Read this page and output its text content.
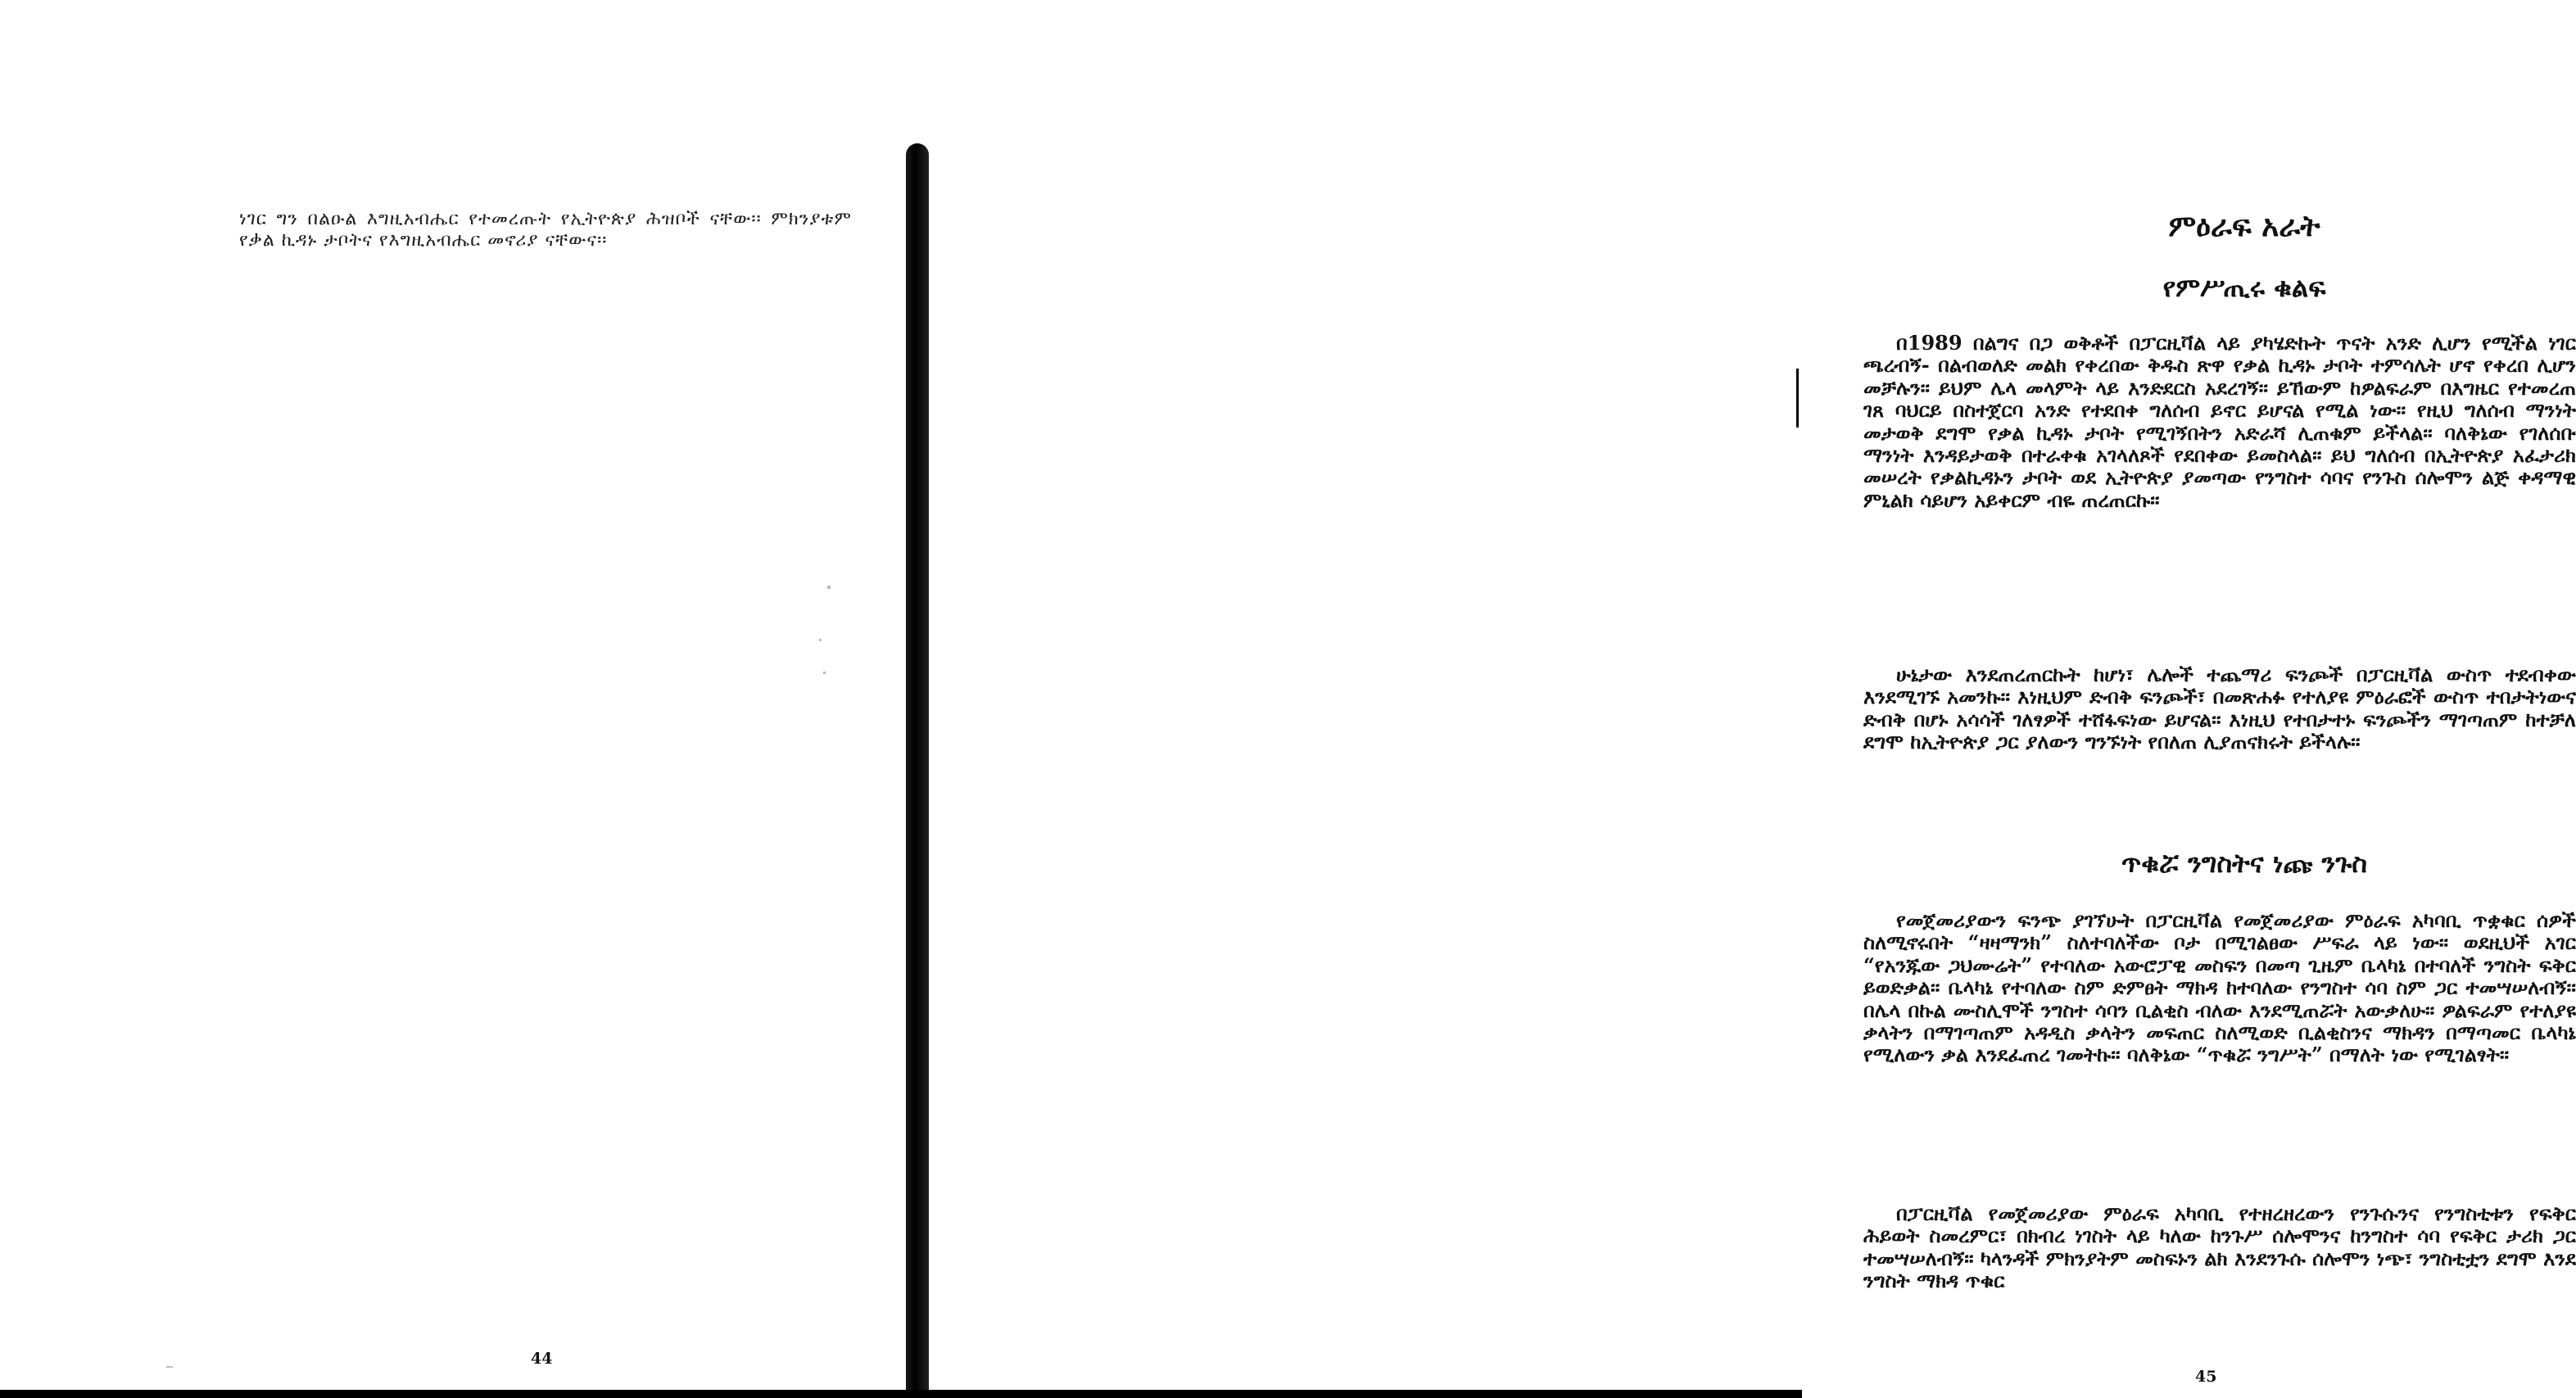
ነገር ግን በልዑል እግዚአብሔር የተመረጡት የኢትዮጵያ ሕዝቦች ናቸው፡፡ ምክንያቱም የቃል ኪዳኑ ታቦትና የእግዚአብሔር መኖሪያ ናቸውና፡፡

44
ምዕራፍ አራት
የምሥጢሩ ቁልፍ

በ1989 በልግና በጋ ወቅቶች በፓርዚቫል ላይ ያካሄድኩት ጥናት አንድ ሊሆን የሚችል ነገር ጫረብኝ- በልብወለድ መልክ የቀረበው ቅዱስ ጽዋ የቃል ኪዳኑ ታቦት ተምሳሌት ሆኖ የቀረበ ሊሆን መቻሉን፡፡ ይህም ሌላ መላምት ላይ እንድደርስ አደረገኝ፡፡ ይኸውም ከዎልፍራም በእግዜር የተመረጠ ገጸ ባህርይ በስተጀርባ አንድ የተደበቀ ግለሰብ ይኖር ይሆናል የሚል ነው፡፡ የዚህ ግለሰብ ማንነት መታወቅ ደግሞ የቃል ኪዳኑ ታቦት የሚገኝበትን አድራሻ ሊጠቁም ይችላል፡፡ ባለቅኔው የገለሰቡ ማንነት እንዳይታወቅ በተራቀቁ አገላለጾች የደበቀው ይመስላል፡፡ ይህ ግለሰብ በኢትዮጵያ አፈታሪክ መሠረት የቃልኪዳኑን ታቦት ወደ ኢትዮጵያ ያመጣው የንግስተ ሳባና የንጉስ ሰሎሞን ልጅ ቀዳማዊ ምኒልክ ሳይሆን አይቀርም ብዬ ጠረጠርኩ፡፡

ሁኔታው እንደጠረጠርኩት ከሆነ፣ ሌሎች ተጨማሪ ፍንጮች በፓርዚቫል ውስጥ ተደብቀው እንደሚገኙ አመንኩ፡፡ እነዚህም ድብቅ ፍንጮች፣ በመጽሐፉ የተለያዩ ምዕራፎች ውስጥ ተበታትነውና ድብቅ በሆኑ አሳሳች ገለፃዎች ተሸፋፍነው ይሆናል፡፡ እነዚህ የተበታተኑ ፍንጮችን ማገጣጠም ከተቻለ ደግሞ ከኢትዮጵያ ጋር ያለውን ግንኙነት የበለጠ ሊያጠናክሩት ይችላሉ፡፡

ጥቁሯ ንግስትና ነጩ ንጉስ

የመጀመሪያውን ፍንጭ ያገኘሁት በፓርዚቫል የመጀመሪያው ምዕራፍ አካባቢ ጥቋቁር ሰዎች ስለሚኖሩበት “ዛዛማንክ” ስለተባለችው ቦታ በሚገልፀው ሥፍራ ላይ ነው፡፡ ወደዚህች አገር “የአንጁው ጋህሙሬት” የተባለው አውሮፓዊ መስፍን በመጣ ጊዜም ቤላካኔ በተባለች ንግስት ፍቅር ይወድቃል፡፡ ቤላካኔ የተባለው ስም ድምፀት ማክዳ ከተባለው የንግስተ ሳባ ስም ጋር ተመሣሠለብኝ፡፡ በሌላ በኩል ሙስሊሞች ንግስተ ሳባን ቢልቂስ ብለው እንደሚጠሯት አውቃለሁ፡፡ ዎልፍራም የተለያዩ ቃላትን በማገጣጠም አዳዲስ ቃላትን መፍጠር ስለሚወድ ቢልቂስንና ማክዳን በማጣመር ቤላካኔ የሚለውን ቃል እንደፈጠረ ገመትኩ፡፡ ባለቅኔው “ጥቁሯ ንግሥት” በማለት ነው የሚገልፃት፡፡

በፓርዚቫል የመጀመሪያው ምዕራፍ አካባቢ የተዘረዘረውን የንጉሱንና የንግስቲቱን የፍቅር ሕይወት ስመረምር፣ በክብረ ነገስት ላይ ካለው ከንጉሥ ሰሎሞንና ከንግስተ ሳባ የፍቅር ታሪክ ጋር ተመሣሠለብኝ፡፡ ካላንዳች ምክንያትም መስፍኑን ልክ እንደንጉሱ ሰሎሞን ነጭ፣ ንግስቲቷን ደግሞ እንደ ንግስት ማክዳ ጥቁር

45
